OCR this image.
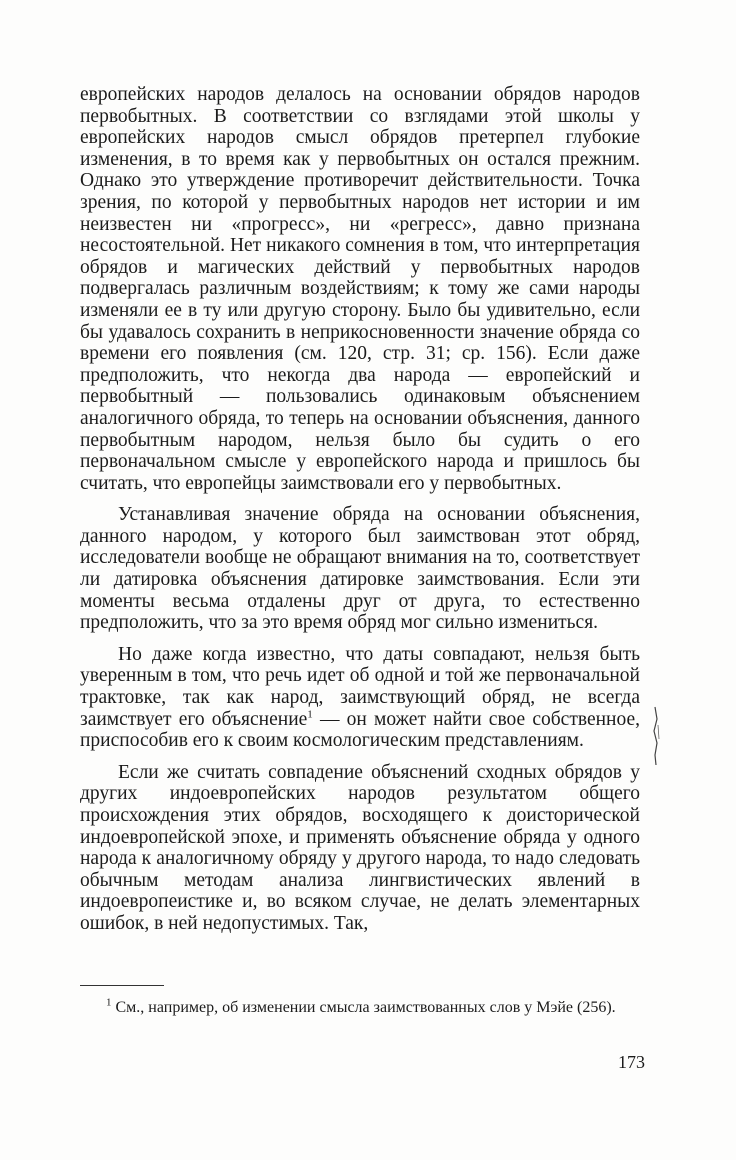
европейских народов делалось на основании обрядов народов первобытных. В соответствии со взглядами этой школы у европейских народов смысл обрядов претерпел глубокие изменения, в то время как у первобытных он остался прежним. Однако это утверждение противоречит действительности. Точка зрения, по которой у первобытных народов нет истории и им неизвестен ни «прогресс», ни «регресс», давно признана несостоятельной. Нет никакого сомнения в том, что интерпретация обрядов и магических действий у первобытных народов подвергалась различным воздействиям; к тому же сами народы изменяли ее в ту или другую сторону. Было бы удивительно, если бы удавалось сохранить в неприкосновенности значение обряда со времени его появления (см. 120, стр. 31; ср. 156). Если даже предположить, что некогда два народа — европейский и первобытный — пользовались одинаковым объяснением аналогичного обряда, то теперь на основании объяснения, данного первобытным народом, нельзя было бы судить о его первоначальном смысле у европейского народа и пришлось бы считать, что европейцы заимствовали его у первобытных.

Устанавливая значение обряда на основании объяснения, данного народом, у которого был заимствован этот обряд, исследователи вообще не обращают внимания на то, соответствует ли датировка объяснения датировке заимствования. Если эти моменты весьма отдалены друг от друга, то естественно предположить, что за это время обряд мог сильно измениться.

Но даже когда известно, что даты совпадают, нельзя быть уверенным в том, что речь идет об одной и той же первоначальной трактовке, так как народ, заимствующий обряд, не всегда заимствует его объяснение$^1$ — он может найти свое собственное, приспособив его к своим космологическим представлениям.

Если же считать совпадение объяснений сходных обрядов у других индоевропейских народов результатом общего происхождения этих обрядов, восходящего к доисторической индоевропейской эпохе, и применять объяснение обряда у одного народа к аналогичному обряду у другого народа, то надо следовать обычным методам анализа лингвистических явлений в индоевропеистике и, во всяком случае, не делать элементарных ошибок, в ней недопустимых. Так,

$^1$ См., например, об изменении смысла заимствованных слов у Мэйе (256).
173
